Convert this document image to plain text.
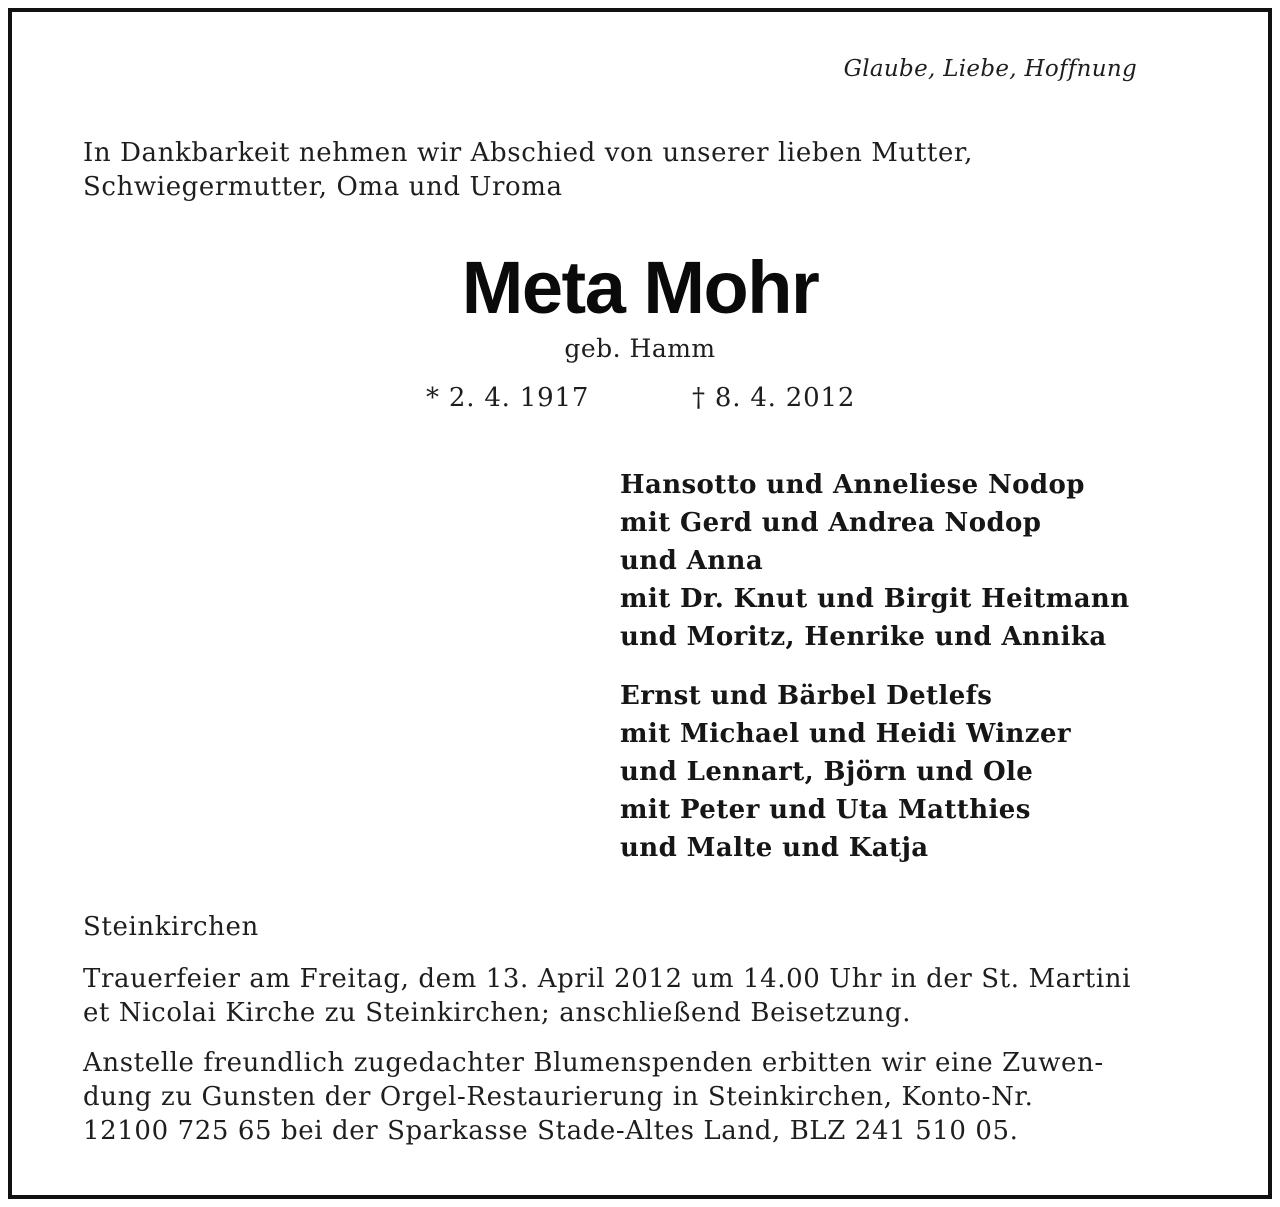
Glaube, Liebe, Hoffnung
In Dankbarkeit nehmen wir Abschied von unserer lieben Mutter,
Schwiegermutter, Oma und Uroma
Meta Mohr
geb. Hamm
* 2. 4. 1917	† 8. 4. 2012
Hansotto und Anneliese Nodop
mit Gerd und Andrea Nodop
und Anna
mit Dr. Knut und Birgit Heitmann
und Moritz, Henrike und Annika
Ernst und Bärbel Detlefs
mit Michael und Heidi Winzer
und Lennart, Björn und Ole
mit Peter und Uta Matthies
und Malte und Katja
Steinkirchen
Trauerfeier am Freitag, dem 13. April 2012 um 14.00 Uhr in der St. Martini
et Nicolai Kirche zu Steinkirchen; anschließend Beisetzung.
Anstelle freundlich zugedachter Blumenspenden erbitten wir eine Zuwen-
dung zu Gunsten der Orgel-Restaurierung in Steinkirchen, Konto-Nr.
12100 725 65 bei der Sparkasse Stade-Altes Land, BLZ 241 510 05.
